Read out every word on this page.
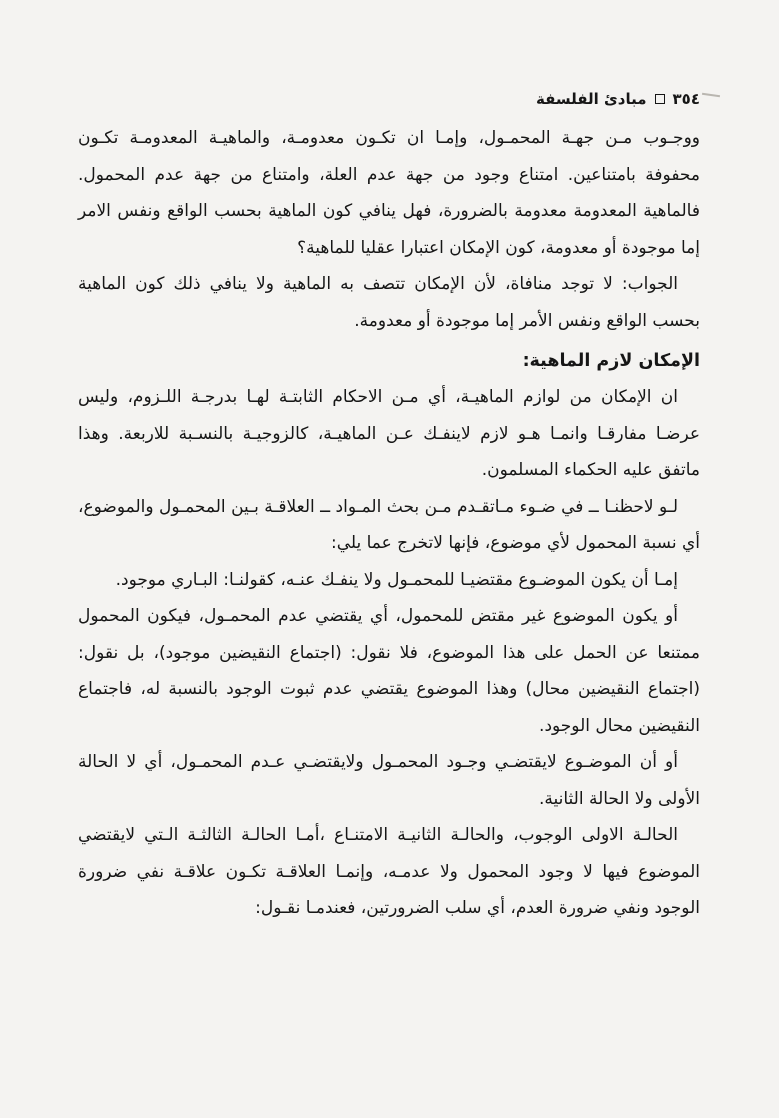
٣٥٤
مبادئ الفلسفة

ووجـوب مـن جهـة المحمـول، وإمـا ان تكـون معدومـة، والماهيـة المعدومـة تكـون محفوفة بامتناعين. امتناع وجود من جهة عدم العلة، وامتناع من جهة عدم المحمول. فالماهية المعدومة معدومة بالضرورة، فهل ينافي كون الماهية بحسب الواقع ونفس الامر إما موجودة أو معدومة، كون الإمكان اعتبارا عقليا للماهية؟

الجواب: لا توجد منافاة، لأن الإمكان تتصف به الماهية ولا ينافي ذلك كون الماهية بحسب الواقع ونفس الأمر إما موجودة أو معدومة.

الإمكان لازم الماهية:

ان الإمكان من لوازم الماهيـة، أي مـن الاحكام الثابتـة لهـا بدرجـة اللـزوم، وليس عرضـا مفارقـا وانمـا هـو لازم لاينفـك عـن الماهيـة، كالزوجيـة بالنسـبة للاربعة. وهذا ماتفق عليه الحكماء المسلمون.

لـو لاحظنـا ــ في ضـوء مـاتقـدم مـن بحث المـواد ــ العلاقـة بـين المحمـول والموضوع، أي نسبة المحمول لأي موضوع، فإنها لاتخرج عما يلي:

إمـا أن يكون الموضـوع مقتضيـا للمحمـول ولا ينفـك عنـه، كقولنـا: البـاري موجود.

أو يكون الموضوع غير مقتض للمحمول، أي يقتضي عدم المحمـول، فيكون المحمول ممتنعا عن الحمل على هذا الموضوع، فلا نقول: (اجتماع النقيضين موجود)، بل نقول: (اجتماع النقيضين محال) وهذا الموضوع يقتضي عدم ثبوت الوجود بالنسبة له، فاجتماع النقيضين محال الوجود.

أو أن الموضـوع لايقتضـي وجـود المحمـول ولايقتضـي عـدم المحمـول، أي لا الحالة الأولى ولا الحالة الثانية.

الحالـة الاولى الوجوب، والحالـة الثانيـة الامتنـاع ،أمـا الحالـة الثالثـة الـتي لايقتضي الموضوع فيها لا وجود المحمول ولا عدمـه، وإنمـا العلاقـة تكـون علاقـة نفي ضرورة الوجود ونفي ضرورة العدم، أي سلب الضرورتين، فعندمـا نقـول:
